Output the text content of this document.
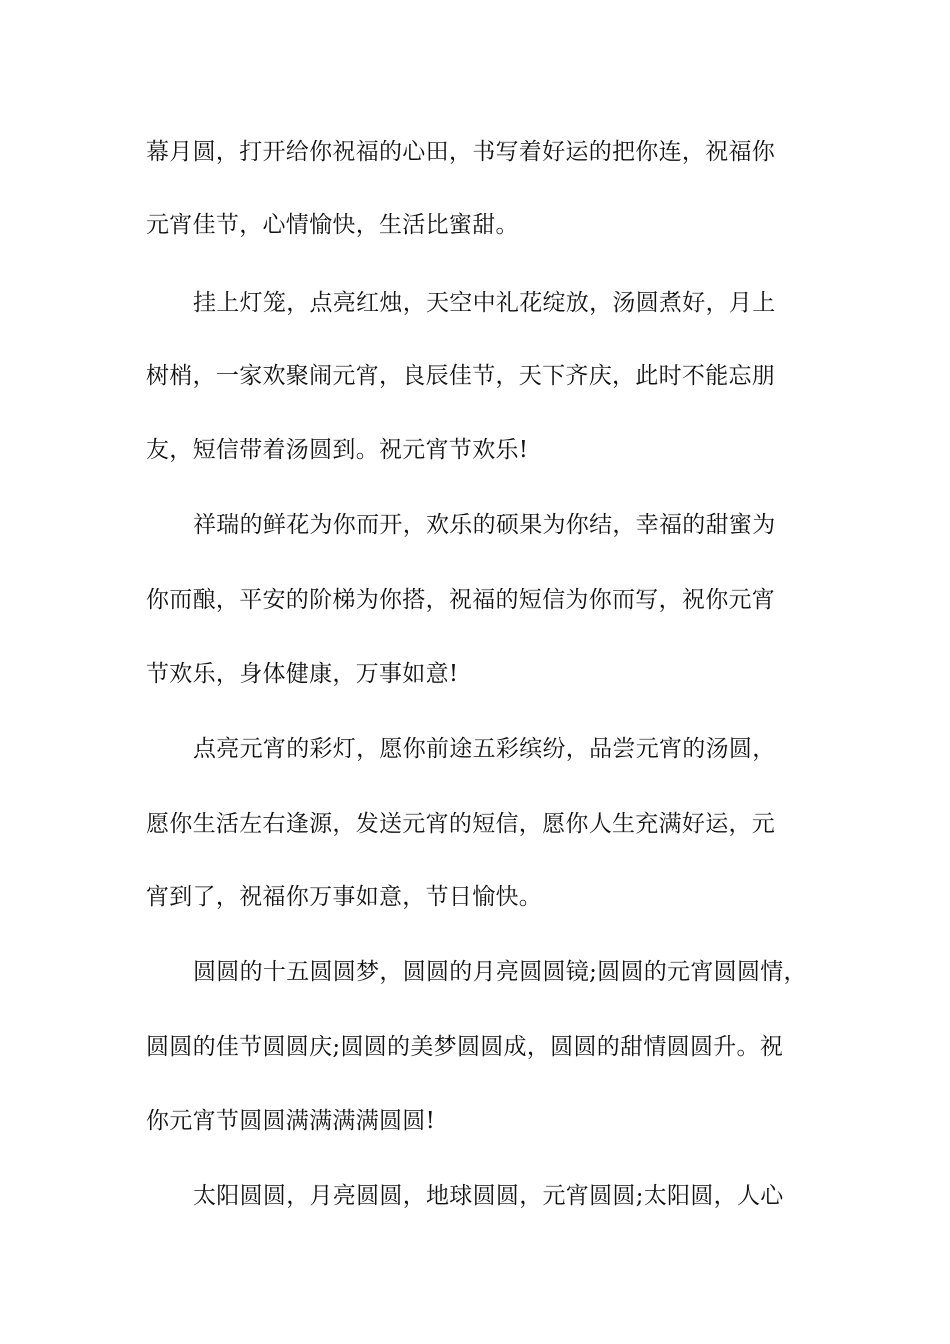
幕月圆，打开给你祝福的心田，书写着好运的把你连，祝福你
元宵佳节，心情愉快，生活比蜜甜。
挂上灯笼，点亮红烛，天空中礼花绽放，汤圆煮好，月上
树梢，一家欢聚闹元宵，良辰佳节，天下齐庆，此时不能忘朋
友，短信带着汤圆到。祝元宵节欢乐!
祥瑞的鲜花为你而开，欢乐的硕果为你结，幸福的甜蜜为
你而酿，平安的阶梯为你搭，祝福的短信为你而写，祝你元宵
节欢乐，身体健康，万事如意!
点亮元宵的彩灯，愿你前途五彩缤纷，品尝元宵的汤圆，
愿你生活左右逢源，发送元宵的短信，愿你人生充满好运，元
宵到了，祝福你万事如意，节日愉快。
圆圆的十五圆圆梦，圆圆的月亮圆圆镜;圆圆的元宵圆圆情，
圆圆的佳节圆圆庆;圆圆的美梦圆圆成，圆圆的甜情圆圆升。祝
你元宵节圆圆满满满满圆圆!
太阳圆圆，月亮圆圆，地球圆圆，元宵圆圆;太阳圆，人心
